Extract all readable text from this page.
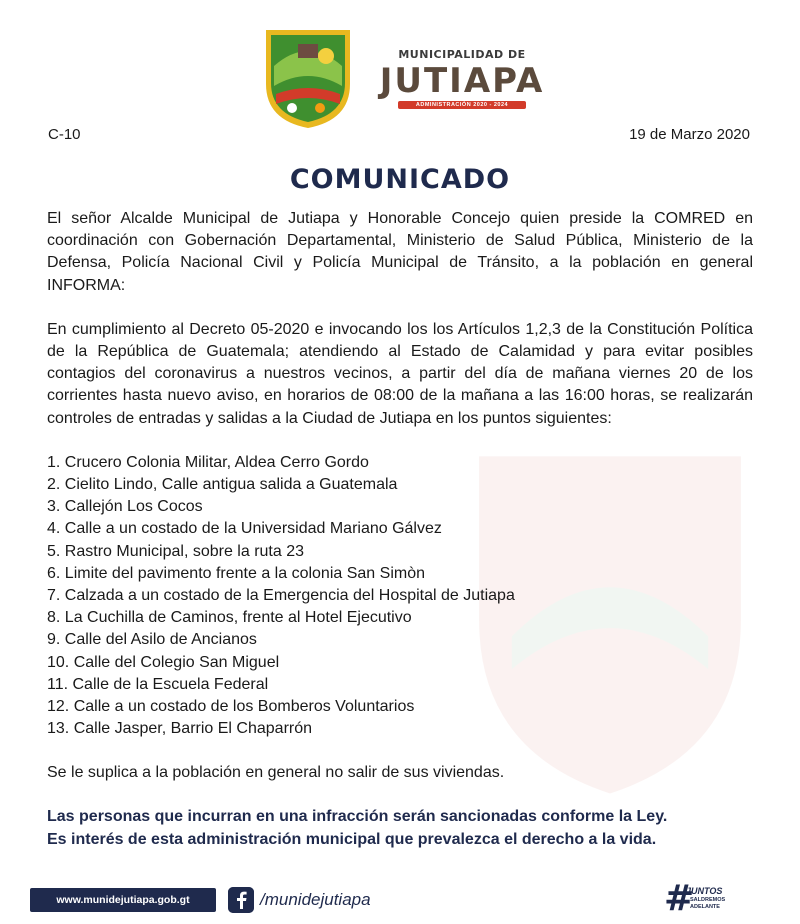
MUNICIPALIDAD DE
JUTIAPA
ADMINISTRACIÓN 2020 - 2024
C-10	19 de Marzo 2020
COMUNICADO

El señor Alcalde Municipal de Jutiapa y Honorable Concejo quien preside la COMRED en coordinación con Gobernación Departamental, Ministerio de Salud Pública, Ministerio de la Defensa, Policía Nacional Civil y Policía Municipal de Tránsito, a la población en general INFORMA:

En cumplimiento al Decreto 05-2020 e invocando los los Artículos 1,2,3 de la Constitución Política de la República de Guatemala; atendiendo al Estado de Calamidad y para evitar posibles contagios del coronavirus a nuestros vecinos, a partir del día de mañana viernes 20 de los corrientes hasta nuevo aviso, en horarios de 08:00 de la mañana a las 16:00 horas, se realizarán controles de entradas y salidas a la Ciudad de Jutiapa en los puntos siguientes:

1. Crucero Colonia Militar, Aldea Cerro Gordo
2. Cielito Lindo, Calle antigua salida a Guatemala
3. Callejón Los Cocos
4. Calle a un costado de la Universidad Mariano Gálvez
5. Rastro Municipal, sobre la ruta 23
6. Limite del pavimento frente a la colonia San Simòn
7. Calzada a un costado de la Emergencia del Hospital de Jutiapa
8. La Cuchilla de Caminos, frente al Hotel Ejecutivo
9. Calle del Asilo de Ancianos
10. Calle del Colegio San Miguel
11. Calle de la Escuela Federal
12. Calle a un costado de los Bomberos Voluntarios
13. Calle Jasper, Barrio El Chaparrón

Se le suplica a la población en general no salir de sus viviendas.

Las personas que incurran en una infracción serán sancionadas conforme la Ley.
Es interés de esta administración municipal que prevalezca el derecho a la vida.
www.munidejutiapa.gob.gt	/munidejutiapa	#
JUNTOS
SALDREMOS
ADELANTE
